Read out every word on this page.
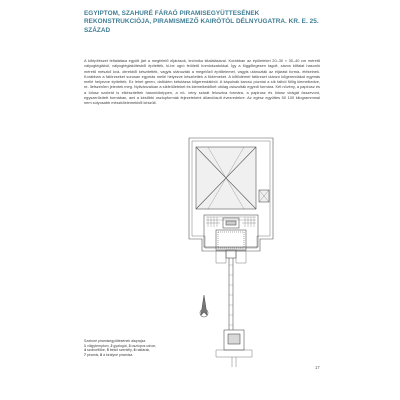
EGYIPTOM, SZAHURÉ FÁRAÓ PIRAMISEGYÜTTESÉNEK REKONSTRUKCIÓJA, PIRAMISMEZŐ KAIRÓTÓL DÉLNYUGATRA. KR. E. 25. SZÁZAD
A kőépítészet feltalálása együtt járt a megfelelő eljárások, technika kitalálásával. Korábban az épületeket 20–30 × 30–40 cm méretű vályogtéglából, vályogtéglakötésből építették, ki-be ugró felületű homlokzatokkal. Így a függőlegesen tagolt, sávos kőfalat hasonló méretű mészkő kvá- derekből készítették, vagyis utánozták a megelőző építőelemet, vagyis utánozták az eljárást forma- étékeinek. Korábban a fatörzseket sorosan egymás mellé helyezve készítettek a födémeket. A kőfödémet fatörzset utánzó kőgerendákat egymás mellé helyezve építették. Ez lehet geren- dafödém kétutázsa kőgerendákból. A kápolnák karcsú pózniai a sík falból föllig kiemelkedve, re- liefszerűen jelentek meg. Nyilvánvalóan a síkfelületeket és kiemelkedőket utólag csiszolták egyedi formára. Két növény, a papirusz és a lótusz szobrát is elkészítettek hasonlóképpen, a nö- vény szárát felosztva formára, a papirusz és lótusz virágát összevont, egyszerűsített formában, ami a későbbi oszlopformák fejezeteként állandósult évezredekre. Az egész együttes 50 100 kilogrammmal nem súlyosabb mészkőelemekből készült.
Szahuré piramisegyüttesének alaprajza
1 völgytemplom, 2 gyalogút, 3 oszlopos udvar,
4 szoborfülke, 5 belső szentély, 6 raktárak,
7 piramis, 8 a királyné piramisa
17
